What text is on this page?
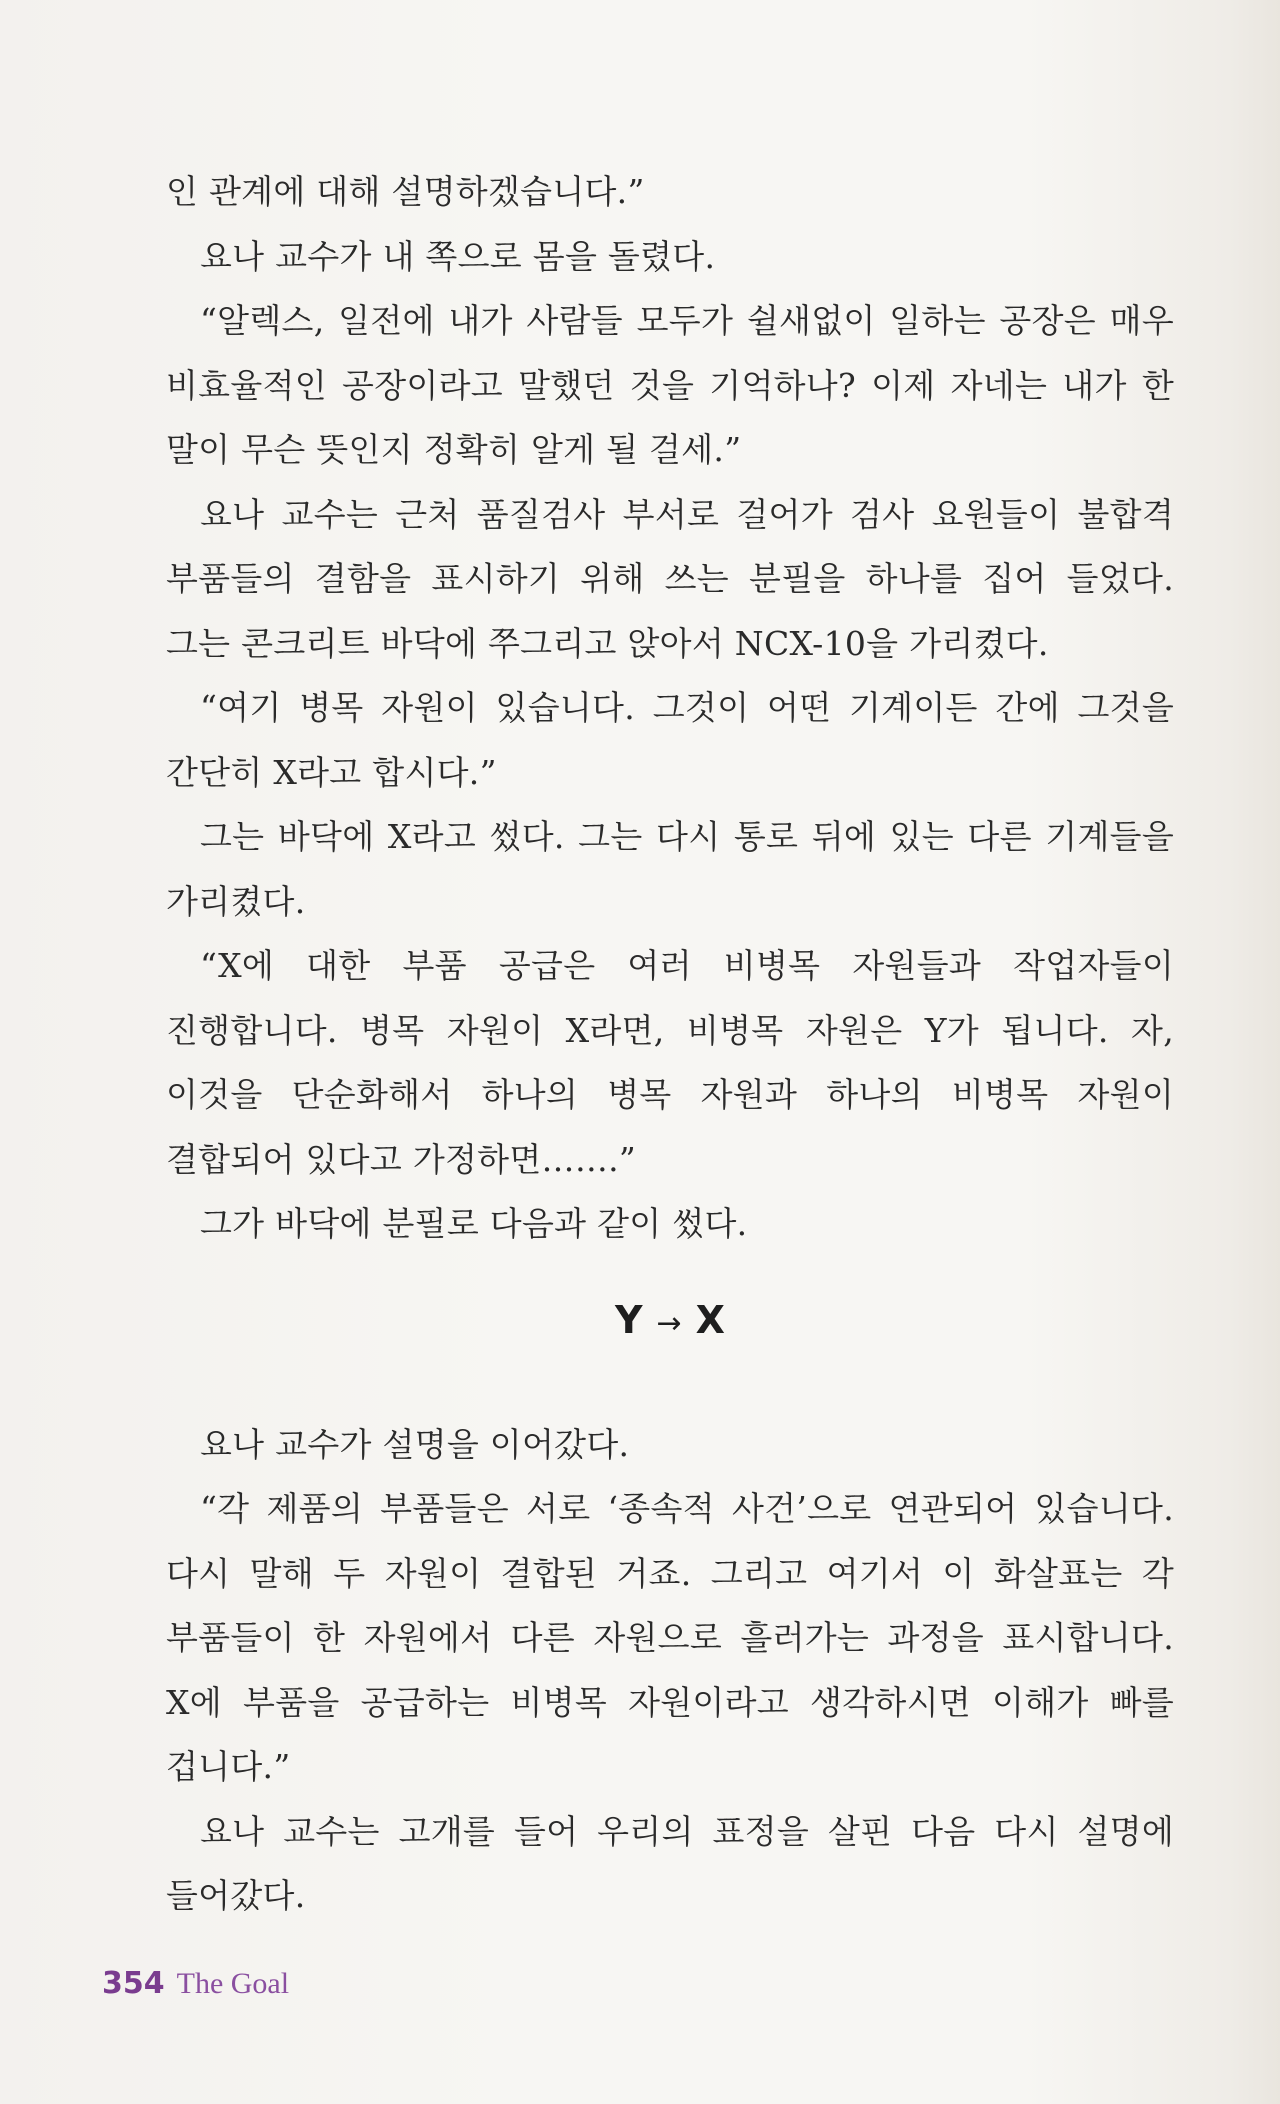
인 관계에 대해 설명하겠습니다.”

요나 교수가 내 쪽으로 몸을 돌렸다.

“알렉스, 일전에 내가 사람들 모두가 쉴새없이 일하는 공장은 매우 비효율적인 공장이라고 말했던 것을 기억하나? 이제 자네는 내가 한 말이 무슨 뜻인지 정확히 알게 될 걸세.”

요나 교수는 근처 품질검사 부서로 걸어가 검사 요원들이 불합격 부품들의 결함을 표시하기 위해 쓰는 분필을 하나를 집어 들었다. 그는 콘크리트 바닥에 쭈그리고 앉아서 NCX-10을 가리켰다.

“여기 병목 자원이 있습니다. 그것이 어떤 기계이든 간에 그것을 간단히 X라고 합시다.”

그는 바닥에 X라고 썼다. 그는 다시 통로 뒤에 있는 다른 기계들을 가리켰다.

“X에 대한 부품 공급은 여러 비병목 자원들과 작업자들이 진행합니다. 병목 자원이 X라면, 비병목 자원은 Y가 됩니다. 자, 이것을 단순화해서 하나의 병목 자원과 하나의 비병목 자원이 결합되어 있다고 가정하면…….”

그가 바닥에 분필로 다음과 같이 썼다.

Y → X

요나 교수가 설명을 이어갔다.

“각 제품의 부품들은 서로 ‘종속적 사건’으로 연관되어 있습니다. 다시 말해 두 자원이 결합된 거죠. 그리고 여기서 이 화살표는 각 부품들이 한 자원에서 다른 자원으로 흘러가는 과정을 표시합니다. X에 부품을 공급하는 비병목 자원이라고 생각하시면 이해가 빠를 겁니다.”

요나 교수는 고개를 들어 우리의 표정을 살핀 다음 다시 설명에 들어갔다.

354 The Goal
